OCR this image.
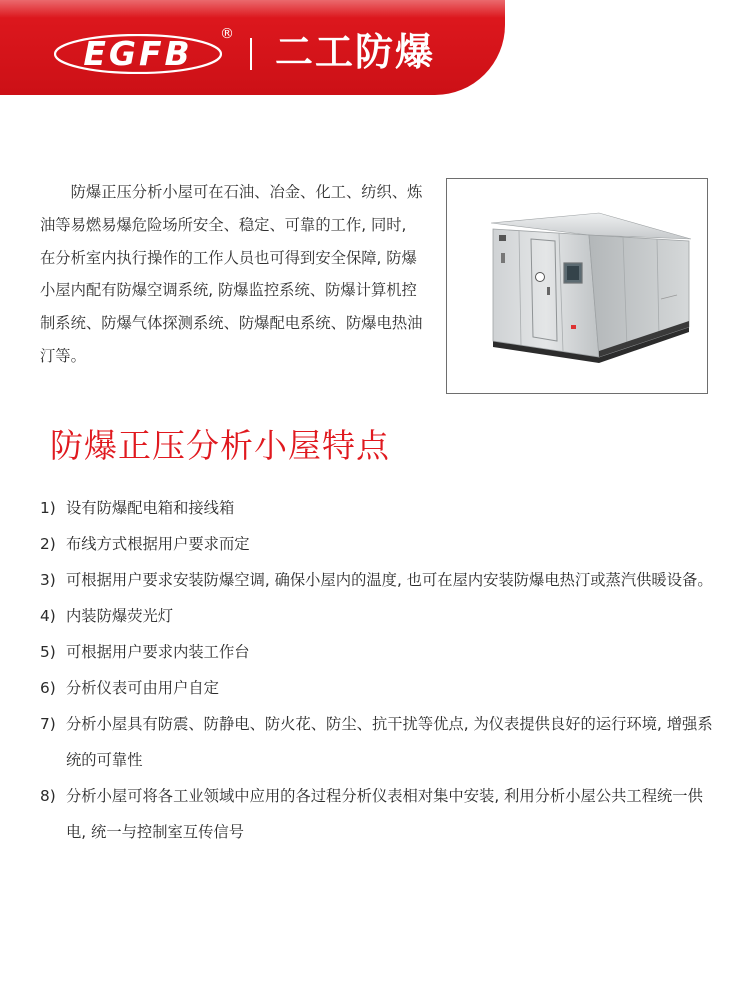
EGFB ® 二工防爆

防爆正压分析小屋可在石油、冶金、化工、纺织、炼油等易燃易爆危险场所安全、稳定、可靠的工作, 同时, 在分析室内执行操作的工作人员也可得到安全保障, 防爆小屋内配有防爆空调系统, 防爆监控系统、防爆计算机控制系统、防爆气体探测系统、防爆配电系统、防爆电热油汀等。

防爆正压分析小屋特点
1) 设有防爆配电箱和接线箱
2) 布线方式根据用户要求而定
3) 可根据用户要求安装防爆空调, 确保小屋内的温度, 也可在屋内安装防爆电热汀或蒸汽供暖设备。
4) 内装防爆荧光灯
5) 可根据用户要求内装工作台
6) 分析仪表可由用户自定
7) 分析小屋具有防震、防静电、防火花、防尘、抗干扰等优点, 为仪表提供良好的运行环境, 增强系统的可靠性
8) 分析小屋可将各工业领域中应用的各过程分析仪表相对集中安装, 利用分析小屋公共工程统一供电, 统一与控制室互传信号
